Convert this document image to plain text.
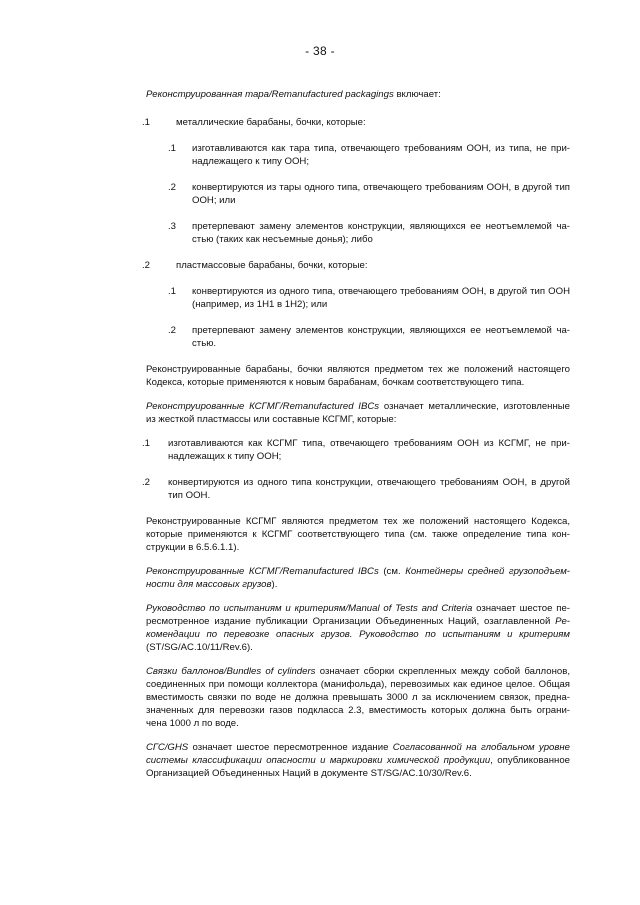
- 38 -

Реконструированная тара/Remanufactured packagings включает:

.1	металлические барабаны, бочки, которые:
.1	изготавливаются как тара типа, отвечающего требованиям ООН, из типа, не при-надлежащего к типу ООН;
.2	конвертируются из тары одного типа, отвечающего требованиям ООН, в другой тип ООН; или
.3	претерпевают замену элементов конструкции, являющихся ее неотъемлемой ча-стью (таких как несъемные донья); либо
.2	пластмассовые барабаны, бочки, которые:
.1	конвертируются из одного типа, отвечающего требованиям ООН, в другой тип ООН (например, из 1H1 в 1H2); или
.2	претерпевают замену элементов конструкции, являющихся ее неотъемлемой ча-стью.

Реконструированные барабаны, бочки являются предметом тех же положений настоящего Кодекса, которые применяются к новым барабанам, бочкам соответствующего типа.

Реконструированные КСГМГ/Remanufactured IBCs означает металлические, изготовленные из жесткой пластмассы или составные КСГМГ, которые:

.1	изготавливаются как КСГМГ типа, отвечающего требованиям ООН из КСГМГ, не при-надлежащих к типу ООН;
.2	конвертируются из одного типа конструкции, отвечающего требованиям ООН, в другой тип ООН.

Реконструированные КСГМГ являются предметом тех же положений настоящего Кодекса, которые применяются к КСГМГ соответствующего типа (см. также определение типа кон-струкции в 6.5.6.1.1).

Реконструированные КСГМГ/Remanufactured IBCs (см. Контейнеры средней грузоподъем-ности для массовых грузов).

Руководство по испытаниям и критериям/Manual of Tests and Criteria означает шестое пе-ресмотренное издание публикации Организации Объединенных Наций, озаглавленной Ре-комендации по перевозке опасных грузов. Руководство по испытаниям и критериям (ST/SG/AC.10/11/Rev.6).

Связки баллонов/Bundles of cylinders означает сборки скрепленных между собой баллонов, соединенных при помощи коллектора (манифольда), перевозимых как единое целое. Общая вместимость связки по воде не должна превышать 3000 л за исключением связок, предна-значенных для перевозки газов подкласса 2.3, вместимость которых должна быть ограни-чена 1000 л по воде.

СГС/GHS означает шестое пересмотренное издание Согласованной на глобальном уровне системы классификации опасности и маркировки химической продукции, опубликованное Организацией Объединенных Наций в документе ST/SG/AC.10/30/Rev.6.
